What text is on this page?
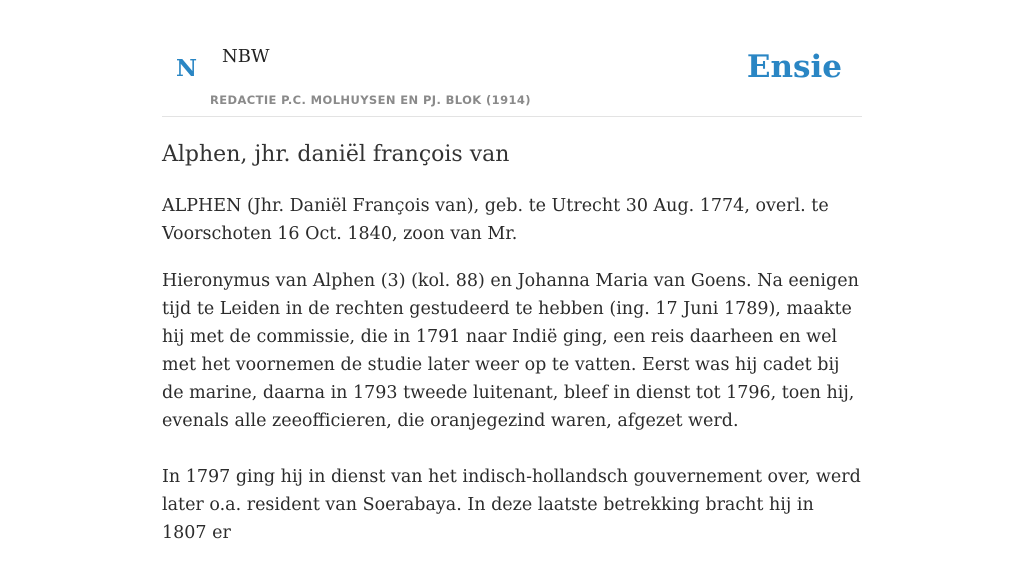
N NBW
REDACTIE P.C. MOLHUYSEN EN PJ. BLOK (1914)
Ensie
Alphen, jhr. daniël françois van

ALPHEN (Jhr. Daniël François van), geb. te Utrecht 30 Aug. 1774, overl. te Voorschoten 16 Oct. 1840, zoon van Mr.

Hieronymus van Alphen (3) (kol. 88) en Johanna Maria van Goens. Na eenigen tijd te Leiden in de rechten gestudeerd te hebben (ing. 17 Juni 1789), maakte hij met de commissie, die in 1791 naar Indië ging, een reis daarheen en wel met het voornemen de studie later weer op te vatten. Eerst was hij cadet bij de marine, daarna in 1793 tweede luitenant, bleef in dienst tot 1796, toen hij, evenals alle zeeofficieren, die oranjegezind waren, afgezet werd.

In 1797 ging hij in dienst van het indisch-hollandsch gouvernement over, werd later o.a. resident van Soerabaya. In deze laatste betrekking bracht hij in 1807 er
